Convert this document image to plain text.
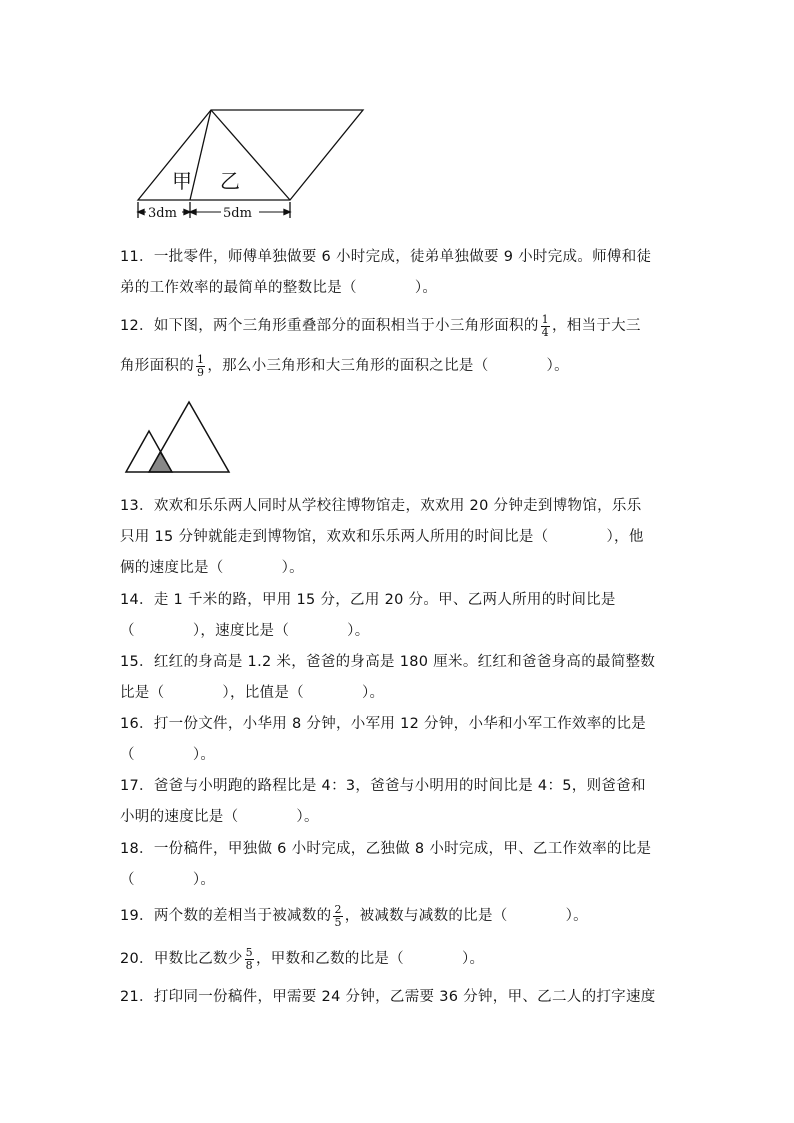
甲 乙
3dm	5dm
11．一批零件，师傅单独做要 6 小时完成，徒弟单独做要 9 小时完成。师傅和徒
弟的工作效率的最简单的整数比是（	）。
12．如下图，两个三角形重叠部分的面积相当于小三角形面积的 $\frac{1}{4}$ ，相当于大三
角形面积的 $\frac{1}{9}$ ，那么小三角形和大三角形的面积之比是（	）。
13．欢欢和乐乐两人同时从学校往博物馆走，欢欢用 20 分钟走到博物馆，乐乐
只用 15 分钟就能走到博物馆，欢欢和乐乐两人所用的时间比是（	），他
俩的速度比是（	）。
14．走 1 千米的路，甲用 15 分，乙用 20 分。甲、乙两人所用的时间比是
（	），速度比是（	）。
15．红红的身高是 1.2 米，爸爸的身高是 180 厘米。红红和爸爸身高的最简整数
比是（	），比值是（	）。
16．打一份文件，小华用 8 分钟，小军用 12 分钟，小华和小军工作效率的比是
（	）。
17．爸爸与小明跑的路程比是 4：3，爸爸与小明用的时间比是 4：5，则爸爸和
小明的速度比是（	）。
18．一份稿件，甲独做 6 小时完成，乙独做 8 小时完成，甲、乙工作效率的比是
（	）。
19．两个数的差相当于被减数的 $\frac{2}{5}$ ，被减数与减数的比是（	）。
20．甲数比乙数少 $\frac{5}{8}$ ，甲数和乙数的比是（	）。
21．打印同一份稿件，甲需要 24 分钟，乙需要 36 分钟，甲、乙二人的打字速度
